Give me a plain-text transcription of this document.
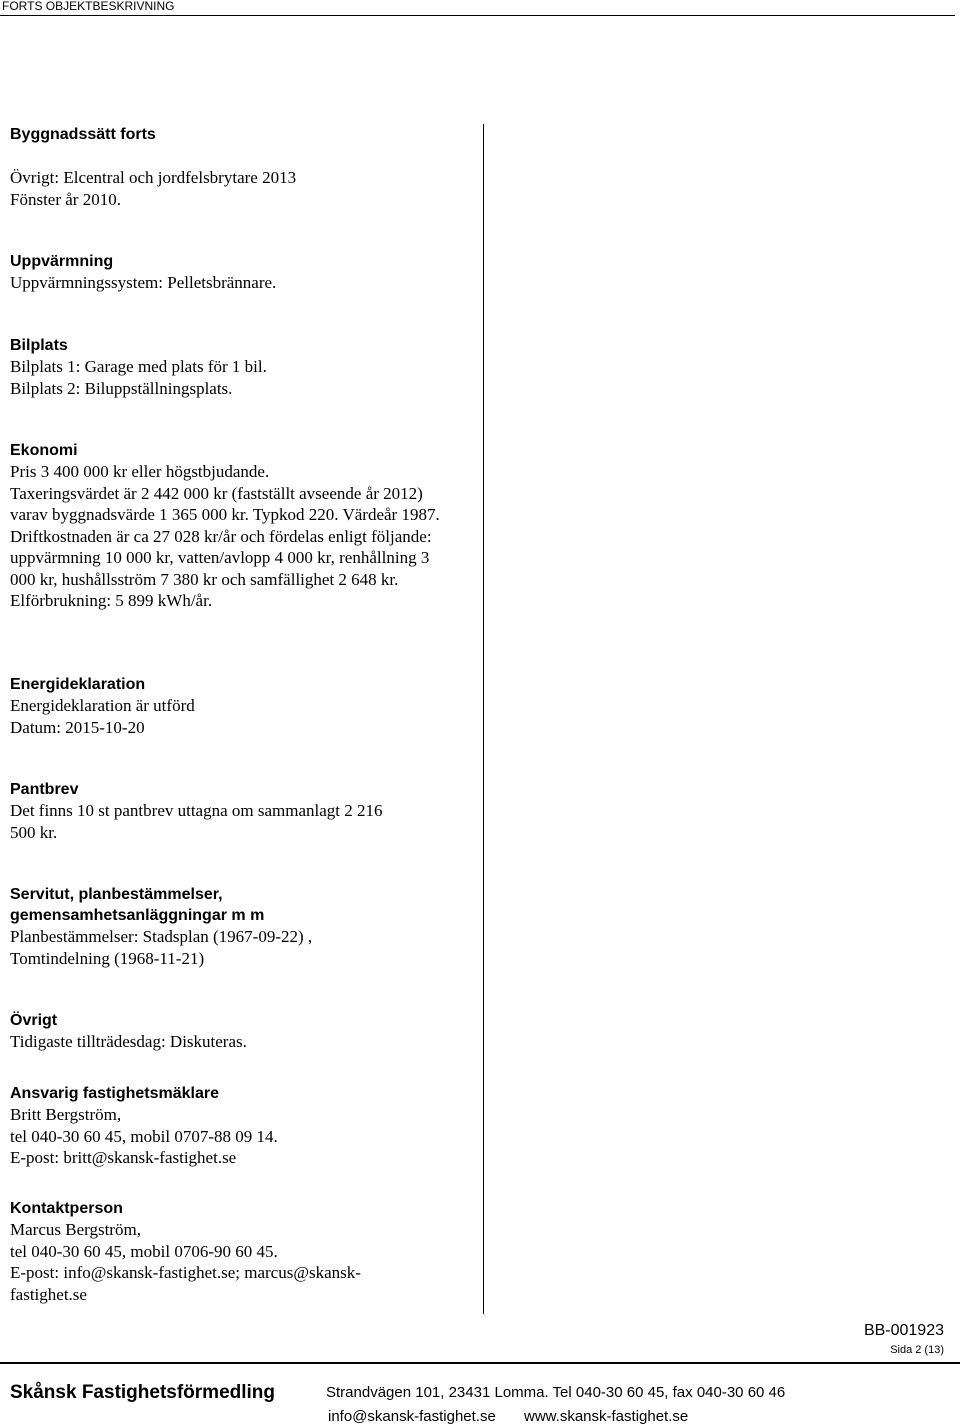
FORTS OBJEKTBESKRIVNING
Byggnadssätt forts

Övrigt: Elcentral och jordfelsbrytare 2013
Fönster år 2010.

Uppvärmning

Uppvärmningssystem: Pelletsbrännare.

Bilplats

Bilplats 1: Garage med plats för 1 bil.
Bilplats 2: Biluppställningsplats.

Ekonomi

Pris 3 400 000 kr eller högstbjudande.
Taxeringsvärdet är 2 442 000 kr (fastställt avseende år 2012) varav byggnadsvärde 1 365 000 kr. Typkod 220. Värdeår 1987. Driftkostnaden är ca 27 028 kr/år och fördelas enligt följande: uppvärmning 10 000 kr, vatten/avlopp 4 000 kr, renhållning 3 000 kr, hushållsström 7 380 kr och samfällighet 2 648 kr.
Elförbrukning: 5 899 kWh/år.

Energideklaration

Energideklaration är utförd
Datum: 2015-10-20

Pantbrev

Det finns 10 st pantbrev uttagna om sammanlagt 2 216 500 kr.

Servitut, planbestämmelser, gemensamhetsanläggningar m m

Planbestämmelser: Stadsplan (1967-09-22) , Tomtindelning (1968-11-21)

Övrigt

Tidigaste tillträdesdag: Diskuteras.

Ansvarig fastighetsmäklare

Britt Bergström,
tel 040-30 60 45, mobil 0707-88 09 14.
E-post: britt@skansk-fastighet.se

Kontaktperson

Marcus Bergström,
tel 040-30 60 45, mobil 0706-90 60 45.
E-post: info@skansk-fastighet.se; marcus@skansk-fastighet.se

BB-001923
Sida 2 (13)
Skånsk Fastighetsförmedling	Strandvägen 101, 23431 Lomma. Tel 040-30 60 45, fax 040-30 60 46
info@skansk-fastighet.se www.skansk-fastighet.se
